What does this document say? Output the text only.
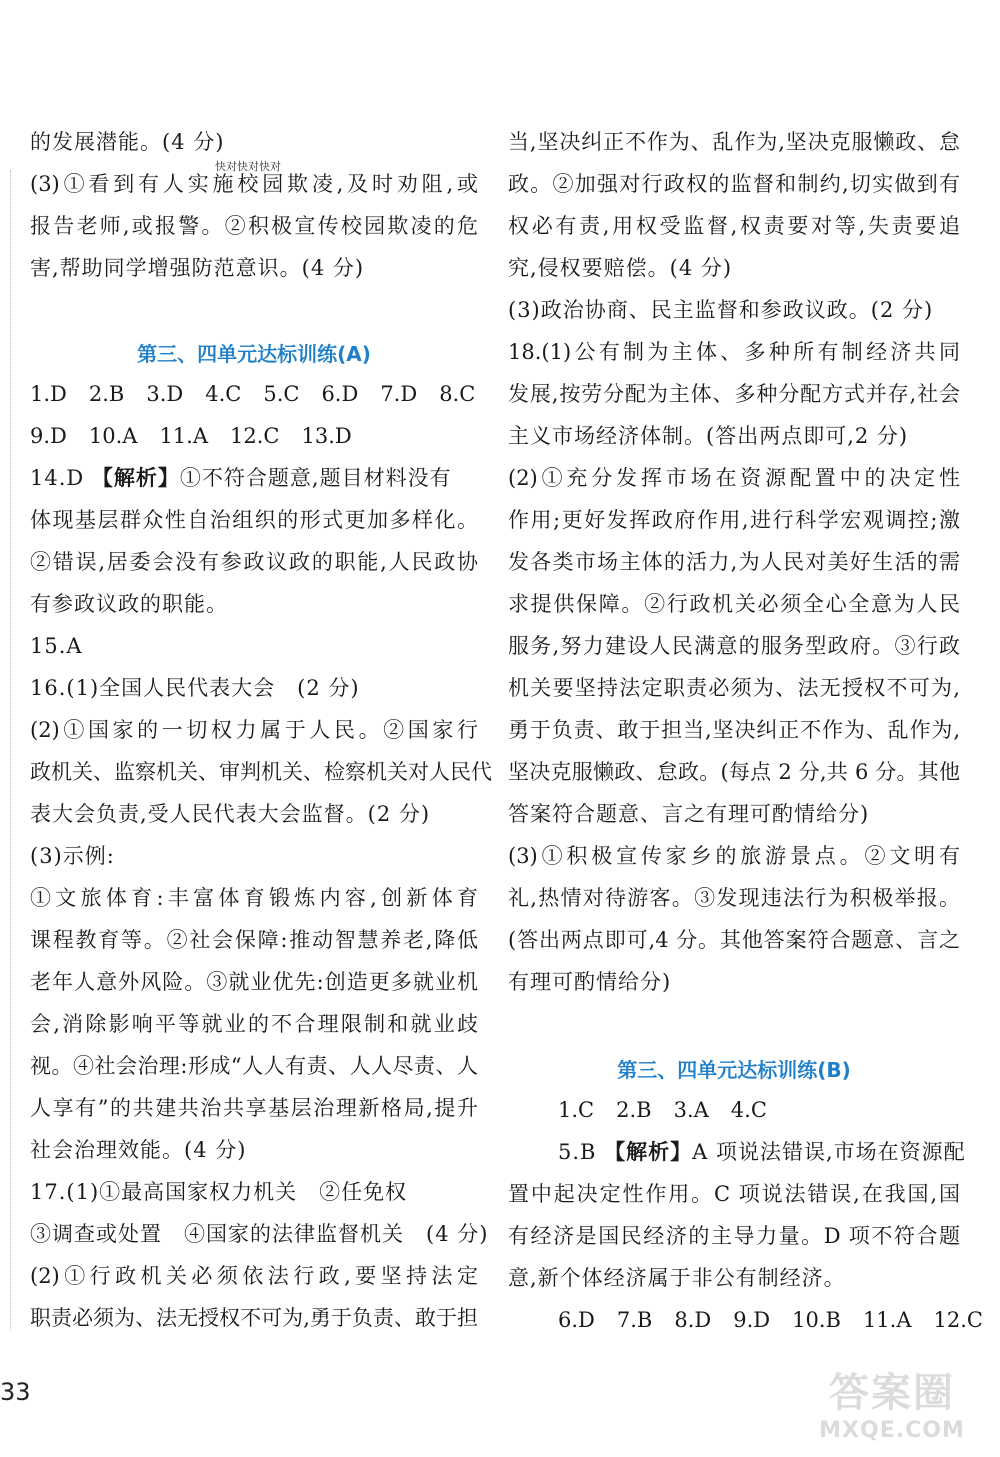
快对快对快对
的发展潜能。(4 分)
(3)①看到有人实施校园欺凌,及时劝阻,或
报告老师,或报警。②积极宣传校园欺凌的危
害,帮助同学增强防范意识。(4 分)
第三、四单元达标训练(A)
1.D 2.B 3.D 4.C 5.C 6.D 7.D 8.C
9.D 10.A 11.A 12.C 13.D
14.D 【解析】①不符合题意,题目材料没有
体现基层群众性自治组织的形式更加多样化。
②错误,居委会没有参政议政的职能,人民政协
有参政议政的职能。
15.A
16.(1)全国人民代表大会　(2 分)
(2)①国家的一切权力属于人民。②国家行
政机关、监察机关、审判机关、检察机关对人民代
表大会负责,受人民代表大会监督。(2 分)
(3)示例:
①文旅体育:丰富体育锻炼内容,创新体育
课程教育等。②社会保障:推动智慧养老,降低
老年人意外风险。③就业优先:创造更多就业机
会,消除影响平等就业的不合理限制和就业歧
视。④社会治理:形成“人人有责、人人尽责、人
人享有”的共建共治共享基层治理新格局,提升
社会治理效能。(4 分)
17.(1)①最高国家权力机关　②任免权
③调查或处置　④国家的法律监督机关　(4 分)
(2)①行政机关必须依法行政,要坚持法定
职责必须为、法无授权不可为,勇于负责、敢于担
当,坚决纠正不作为、乱作为,坚决克服懒政、怠
政。②加强对行政权的监督和制约,切实做到有
权必有责,用权受监督,权责要对等,失责要追
究,侵权要赔偿。(4 分)
(3)政治协商、民主监督和参政议政。(2 分)
18.(1)公有制为主体、多种所有制经济共同
发展,按劳分配为主体、多种分配方式并存,社会
主义市场经济体制。(答出两点即可,2 分)
(2)①充分发挥市场在资源配置中的决定性
作用;更好发挥政府作用,进行科学宏观调控;激
发各类市场主体的活力,为人民对美好生活的需
求提供保障。②行政机关必须全心全意为人民
服务,努力建设人民满意的服务型政府。③行政
机关要坚持法定职责必须为、法无授权不可为,
勇于负责、敢于担当,坚决纠正不作为、乱作为,
坚决克服懒政、怠政。(每点 2 分,共 6 分。其他
答案符合题意、言之有理可酌情给分)
(3)①积极宣传家乡的旅游景点。②文明有
礼,热情对待游客。③发现违法行为积极举报。
(答出两点即可,4 分。其他答案符合题意、言之
有理可酌情给分)
第三、四单元达标训练(B)
1.C 2.B 3.A 4.C
5.B 【解析】A 项说法错误,市场在资源配
置中起决定性作用。C 项说法错误,在我国,国
有经济是国民经济的主导力量。D 项不符合题
意,新个体经济属于非公有制经济。
6.D 7.B 8.D 9.D 10.B 11.A 12.C
33	答案圈
MXQE.COM
